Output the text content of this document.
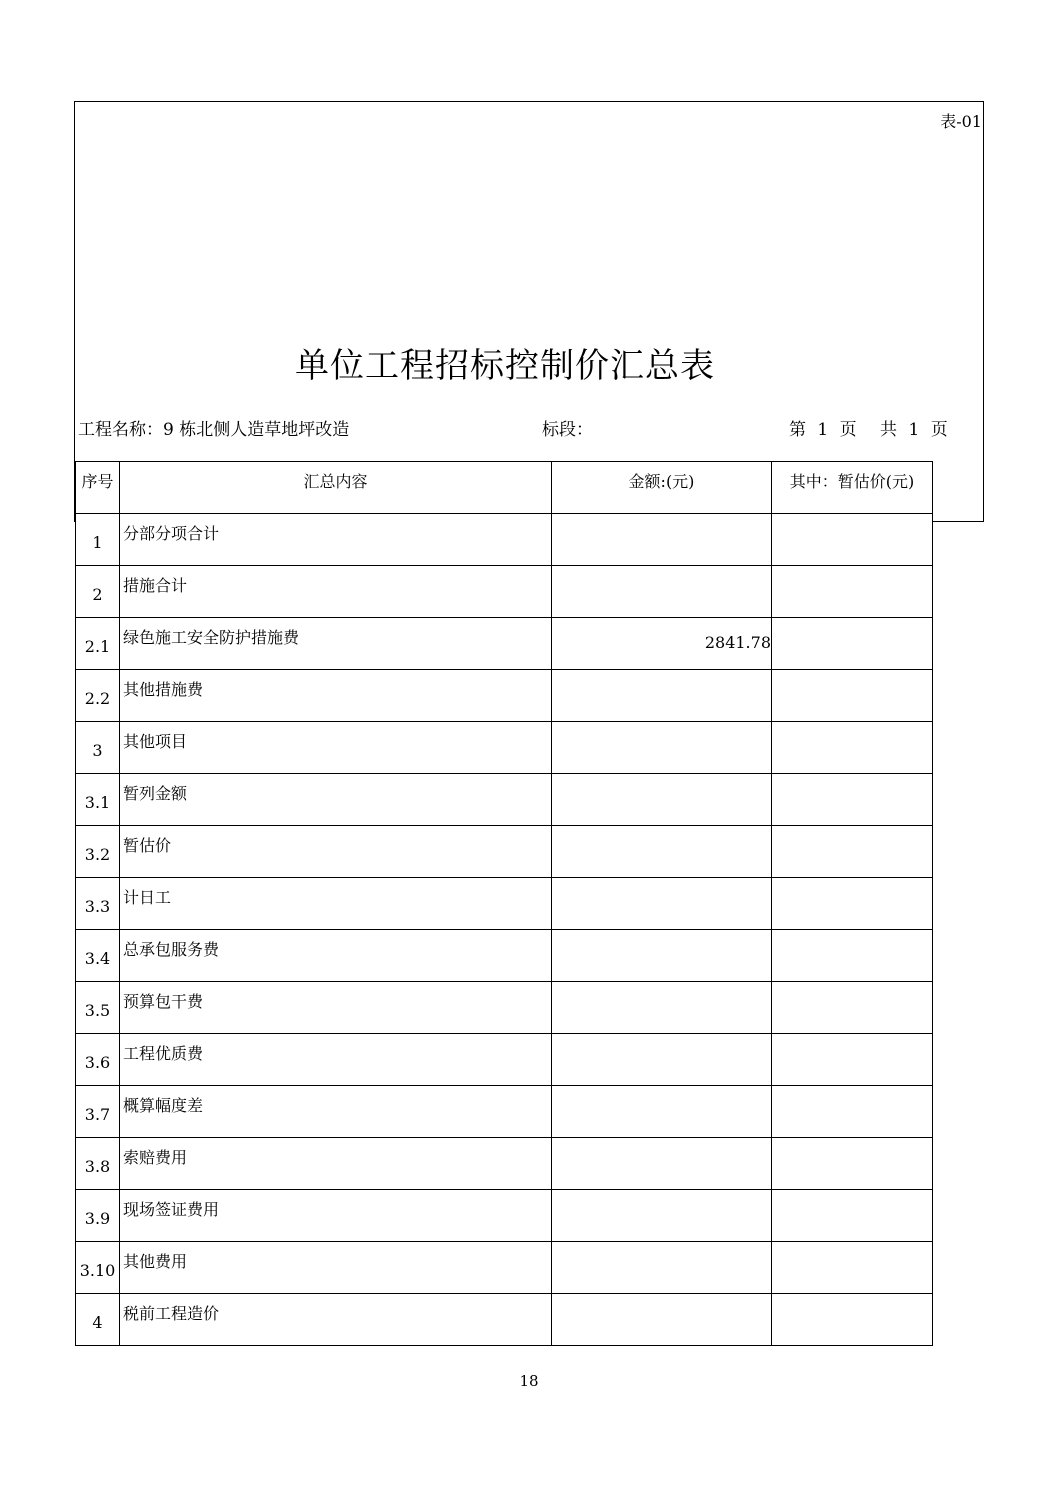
表-01
单位工程招标控制价汇总表
工程名称：9 栋北侧人造草地坪改造	标段：	第 1 页 共 1 页
序号	汇总内容	金额:(元)	其中：暂估价(元)
1	分部分项合计		
2	措施合计		
2.1	绿色施工安全防护措施费	2841.78	
2.2	其他措施费		
3	其他项目		
3.1	暂列金额		
3.2	暂估价		
3.3	计日工		
3.4	总承包服务费		
3.5	预算包干费		
3.6	工程优质费		
3.7	概算幅度差		
3.8	索赔费用		
3.9	现场签证费用		
3.10	其他费用		
4	税前工程造价		
18
